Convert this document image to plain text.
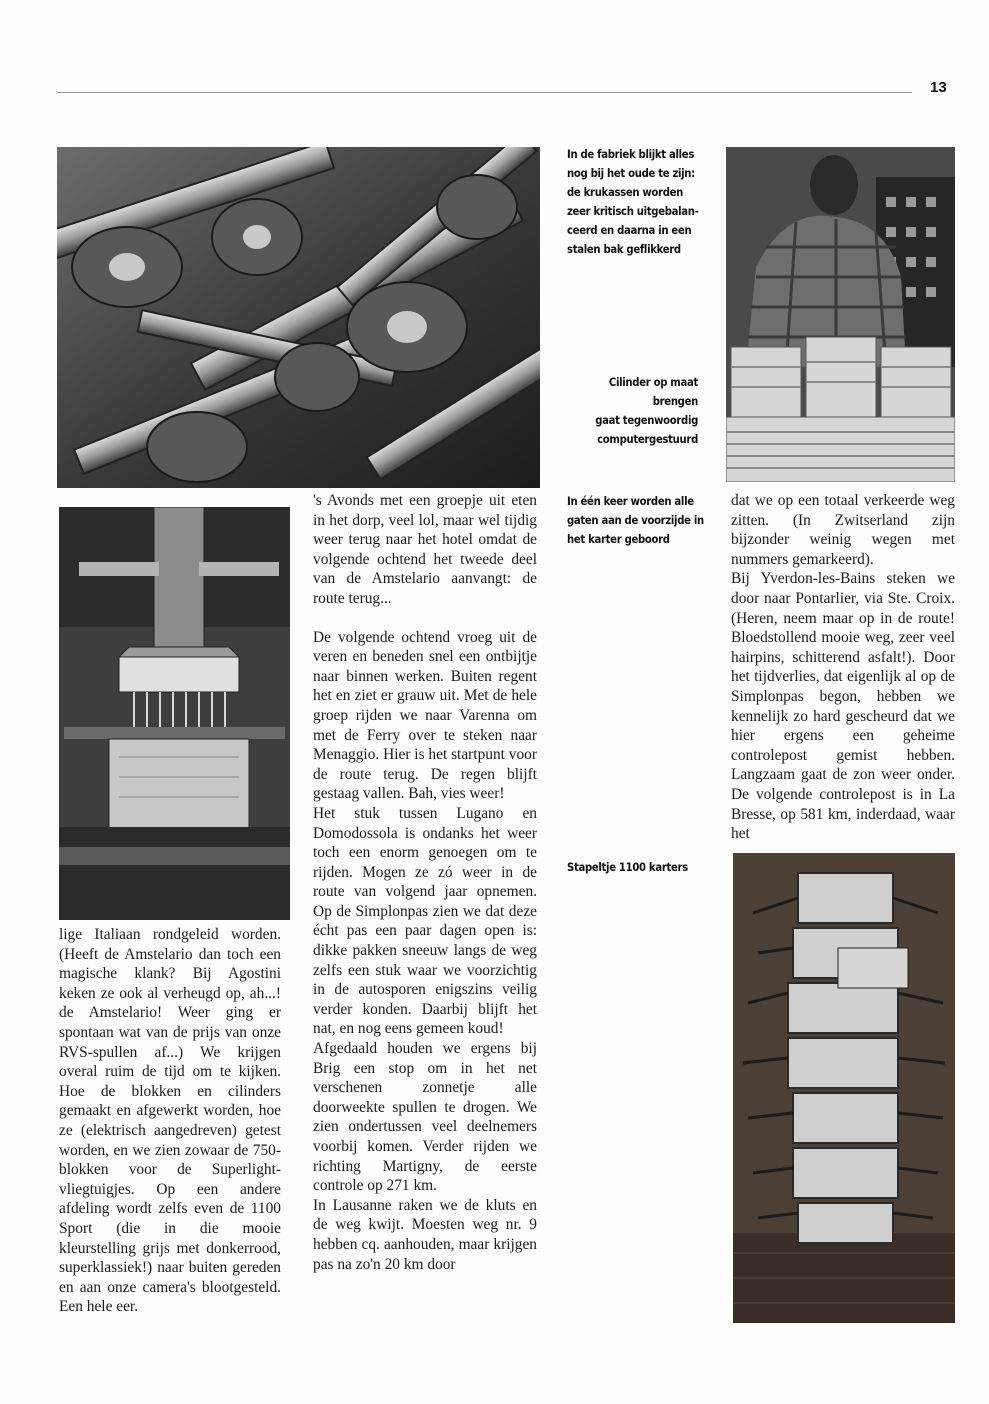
13
In de fabriek blijkt alles
nog bij het oude te zijn:
de krukassen worden
zeer kritisch uitgebalan-
ceerd en daarna in een
stalen bak geflikkerd
Cilinder op maat brengen
gaat tegenwoordig
computergestuurd
In één keer worden alle
gaten aan de voorzijde in
het karter geboord
Stapeltje 1100 karters

lige Italiaan rondgeleid worden. (Heeft de Amstelario dan toch een magische klank? Bij Agostini keken ze ook al verheugd op, ah...! de Amstelario! Weer ging er spontaan wat van de prijs van onze RVS-spullen af...) We krijgen overal ruim de tijd om te kijken. Hoe de blokken en cilinders gemaakt en afgewerkt worden, hoe ze (elektrisch aangedreven) getest worden, en we zien zowaar de 750-blokken voor de Superlight-vliegtuigjes. Op een andere afdeling wordt zelfs even de 1100 Sport (die in die mooie kleurstelling grijs met donkerrood, superklassiek!) naar buiten gereden en aan onze camera's blootgesteld. Een hele eer.

's Avonds met een groepje uit eten in het dorp, veel lol, maar wel tijdig weer terug naar het hotel omdat de volgende ochtend het tweede deel van de Amstelario aanvangt: de route terug...

De volgende ochtend vroeg uit de veren en beneden snel een ontbijtje naar binnen werken. Buiten regent het en ziet er grauw uit. Met de hele groep rijden we naar Varenna om met de Ferry over te steken naar Menaggio. Hier is het startpunt voor de route terug. De regen blijft gestaag vallen. Bah, vies weer!

Het stuk tussen Lugano en Domodossola is ondanks het weer toch een enorm genoegen om te rijden. Mogen ze zó weer in de route van volgend jaar opnemen. Op de Simplonpas zien we dat deze écht pas een paar dagen open is: dikke pakken sneeuw langs de weg zelfs een stuk waar we voorzichtig in de autosporen enigszins veilig verder konden. Daarbij blijft het nat, en nog eens gemeen koud!

Afgedaald houden we ergens bij Brig een stop om in het net verschenen zonnetje alle doorweekte spullen te drogen. We zien ondertussen veel deelnemers voorbij komen. Verder rijden we richting Martigny, de eerste controle op 271 km.

In Lausanne raken we de kluts en de weg kwijt. Moesten weg nr. 9 hebben cq. aanhouden, maar krijgen pas na zo'n 20 km door

dat we op een totaal verkeerde weg zitten. (In Zwitserland zijn bijzonder weinig wegen met nummers gemarkeerd).

Bij Yverdon-les-Bains steken we door naar Pontarlier, via Ste. Croix. (Heren, neem maar op in de route! Bloedstollend mooie weg, zeer veel hairpins, schitterend asfalt!). Door het tijdverlies, dat eigenlijk al op de Simplonpas begon, hebben we kennelijk zo hard gescheurd dat we hier ergens een geheime controlepost gemist hebben. Langzaam gaat de zon weer onder. De volgende controlepost is in La Bresse, op 581 km, inderdaad, waar het
